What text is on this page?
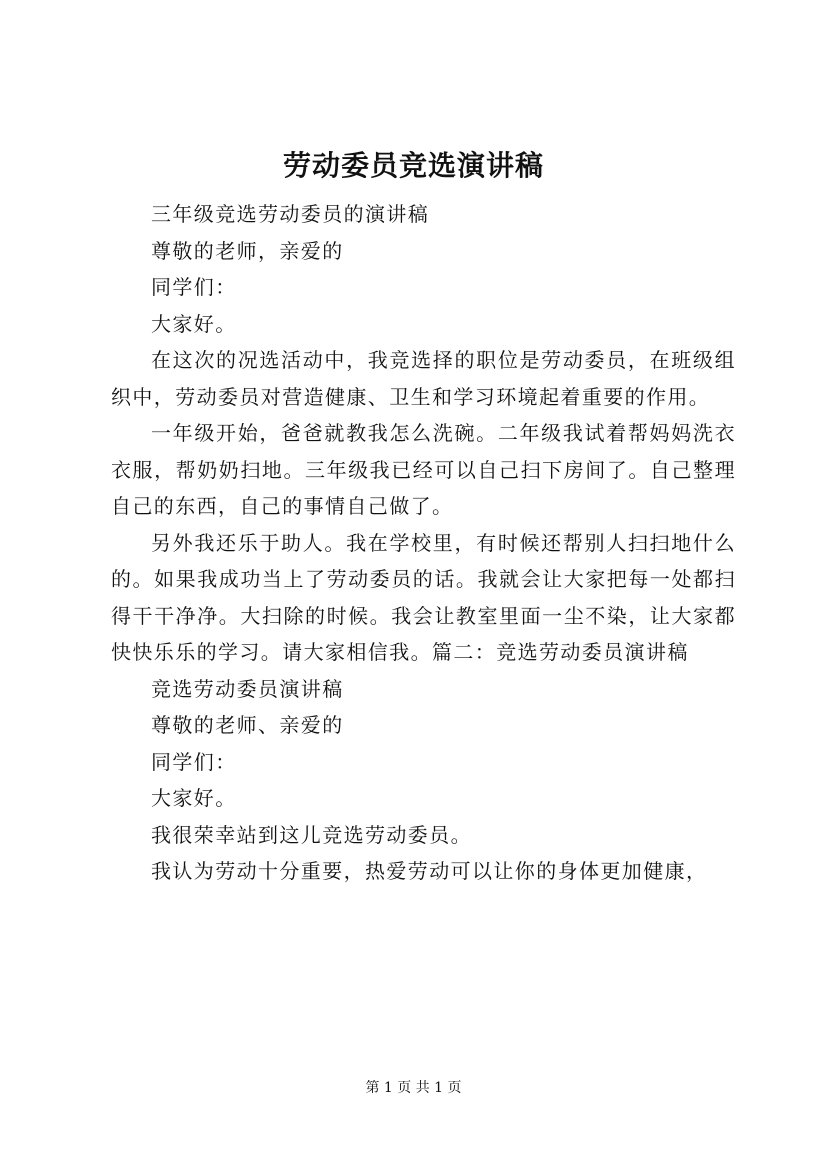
劳动委员竞选演讲稿

三年级竞选劳动委员的演讲稿

尊敬的老师，亲爱的

同学们：

大家好。

在这次的况选活动中，我竞选择的职位是劳动委员，在班级组织中，劳动委员对营造健康、卫生和学习环境起着重要的作用。

一年级开始，爸爸就教我怎么洗碗。二年级我试着帮妈妈洗衣衣服，帮奶奶扫地。三年级我已经可以自己扫下房间了。自己整理自己的东西，自己的事情自己做了。

另外我还乐于助人。我在学校里，有时候还帮别人扫扫地什么的。如果我成功当上了劳动委员的话。我就会让大家把每一处都扫得干干净净。大扫除的时候。我会让教室里面一尘不染，让大家都快快乐乐的学习。请大家相信我。篇二：竞选劳动委员演讲稿

竞选劳动委员演讲稿

尊敬的老师、亲爱的

同学们：

大家好。

我很荣幸站到这儿竞选劳动委员。

我认为劳动十分重要，热爱劳动可以让你的身体更加健康，

第 1 页 共 1 页
